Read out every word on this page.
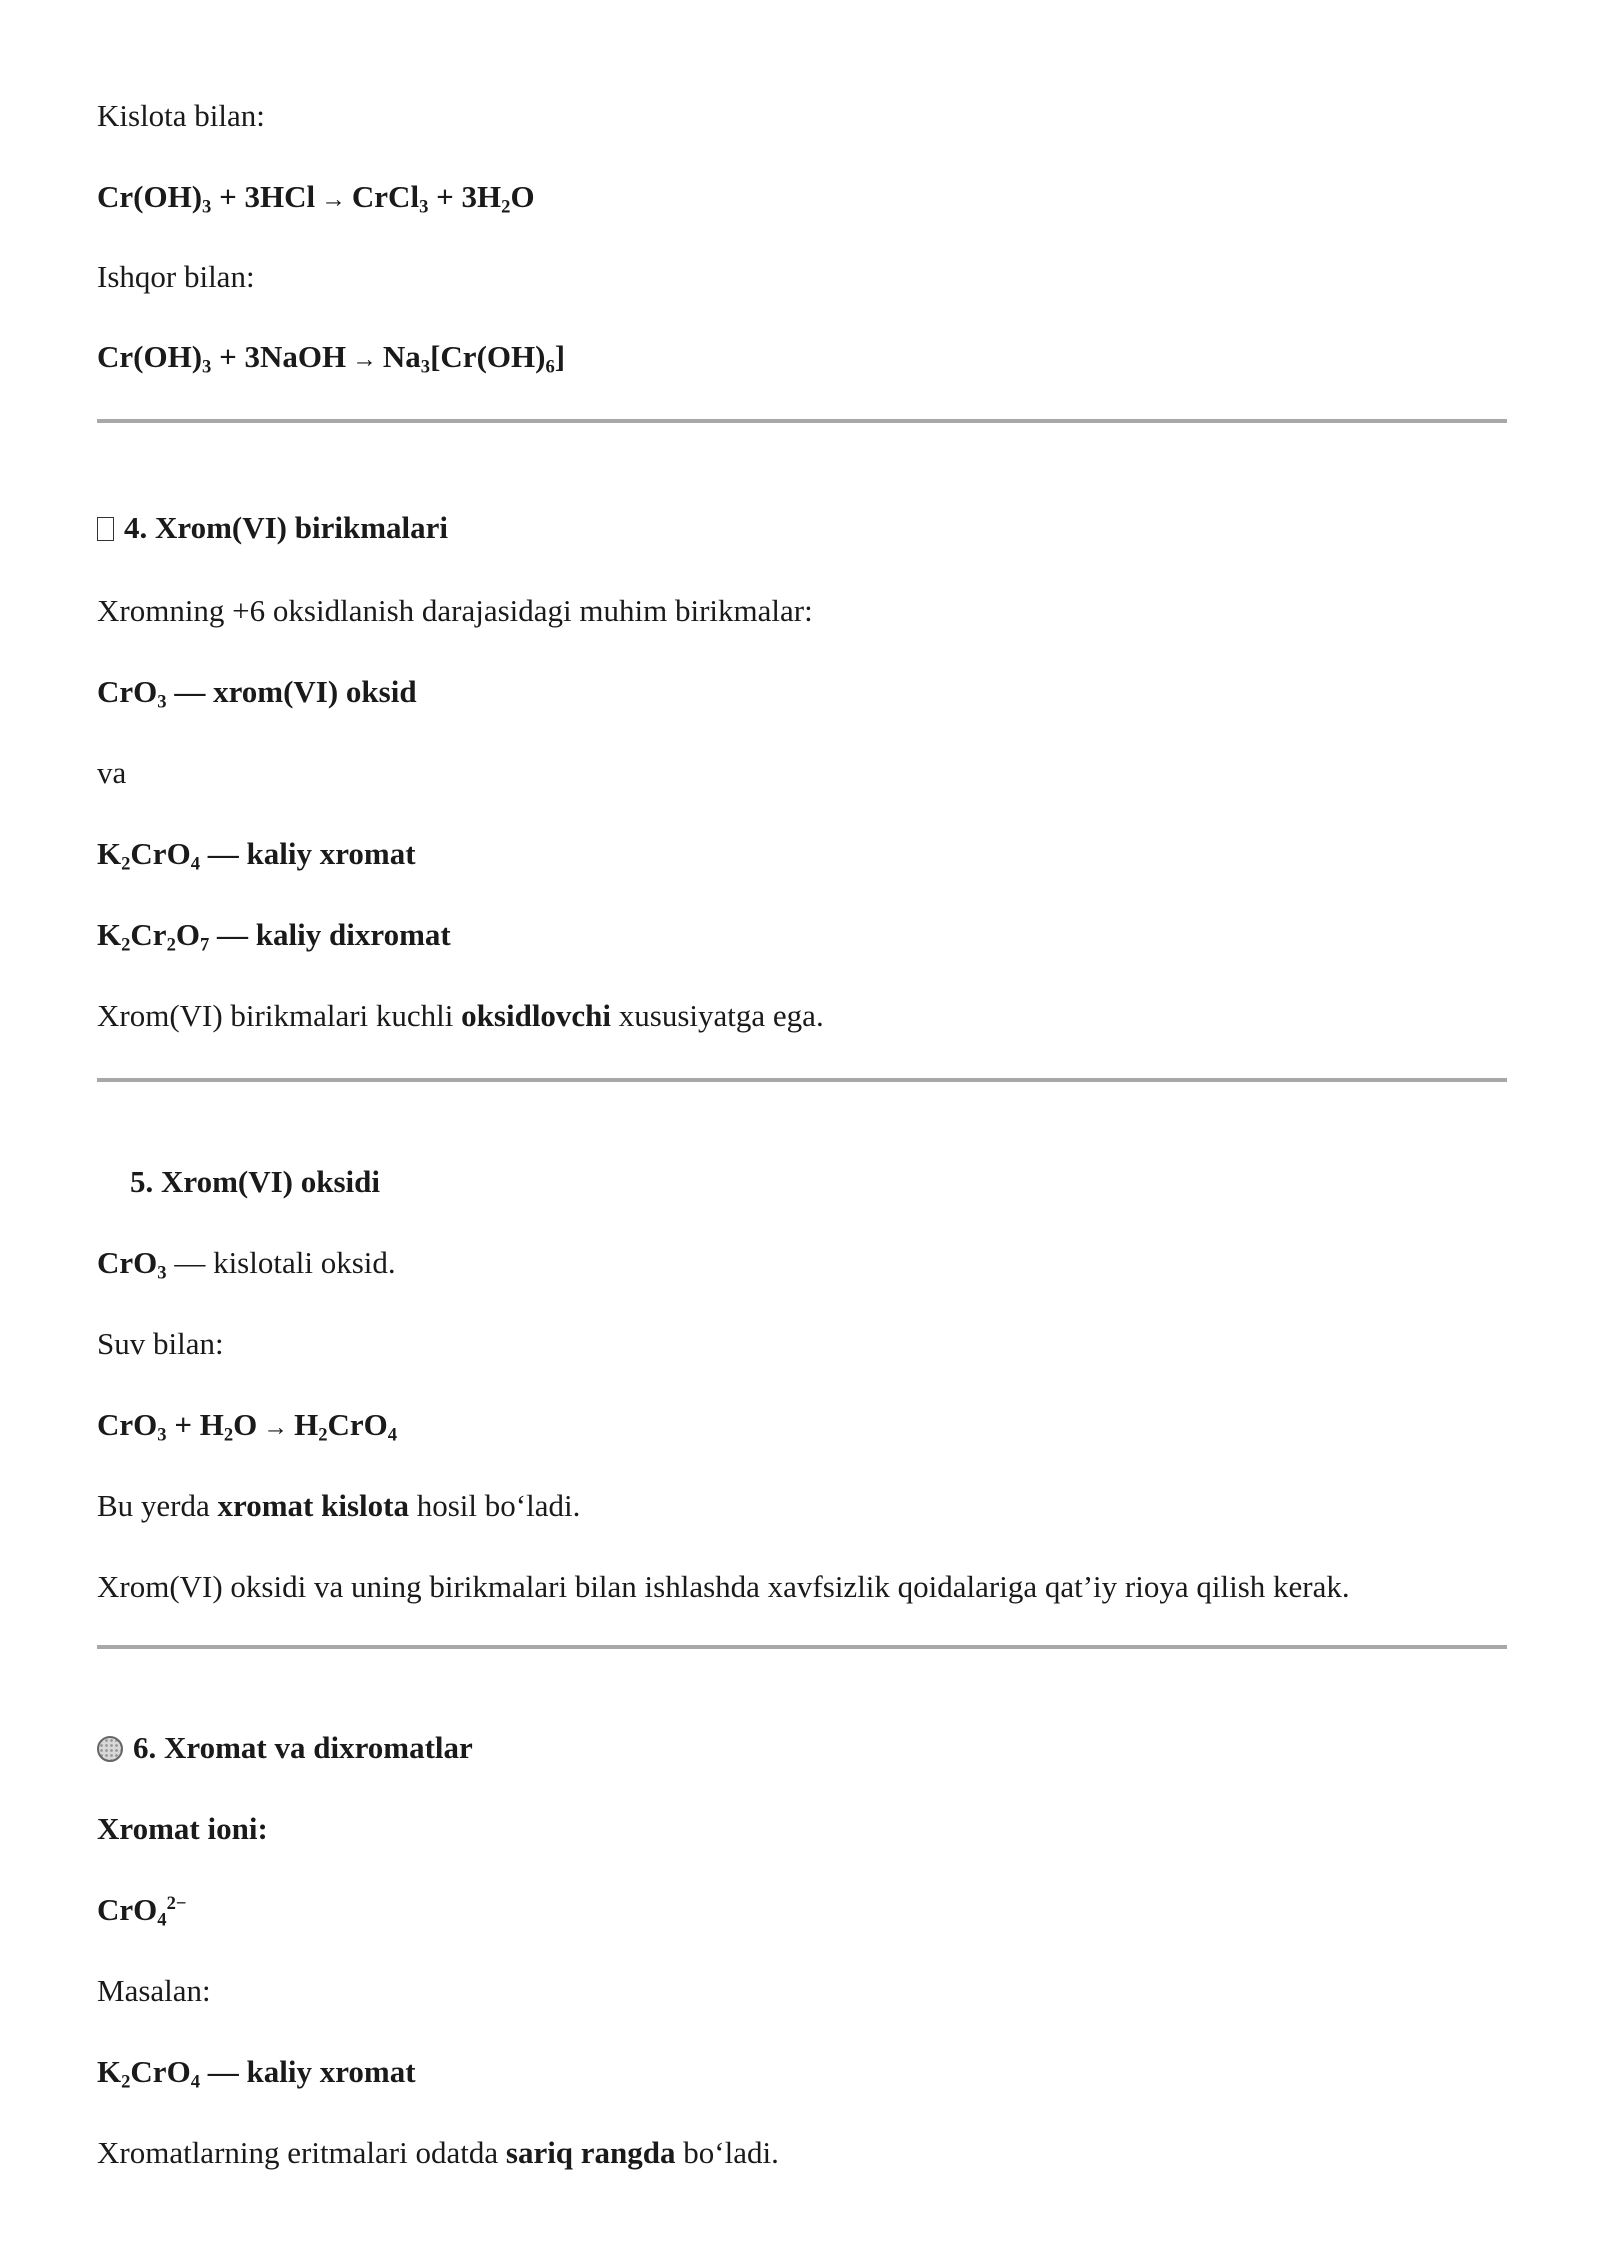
Kislota bilan:

$Cr(OH)_3 + 3HCl$ → CrCl$_3$ + $3H_2O$

Ishqor bilan:

$Cr(OH)_3$ + 3NaOH → $Na_3[Cr(OH)_6]$

4. Xrom(VI) birikmalari

Xromning +6 oksidlanish darajasidagi muhim birikmalar:

CrO$_3$ — xrom(VI) oksid

va

$K_2CrO_4$ — kaliy xromat

$K_2Cr_2O_7$ — kaliy dixromat

Xrom(VI) birikmalari kuchli oksidlovchi xususiyatga ega.

5. Xrom(VI) oksidi

CrO$_3$ — kislotali oksid.

Suv bilan:

$CrO_3 + H_2O \to H_2CrO_4$

Bu yerda xromat kislota hosil bo‘ladi.

Xrom(VI) oksidi va uning birikmalari bilan ishlashda xavfsizlik qoidalariga qat’iy rioya qilish kerak.

6. Xromat va dixromatlar

Xromat ioni:

CrO$_4^{2-}$

Masalan:

$K_2CrO_4$ — kaliy xromat

Xromatlarning eritmalari odatda sariq rangda bo‘ladi.
